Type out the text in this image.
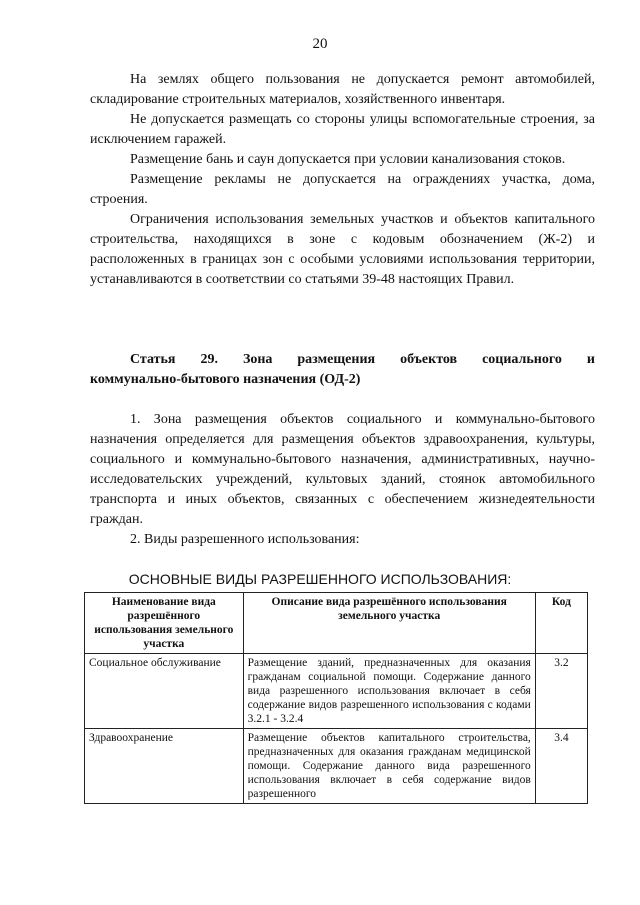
20

На землях общего пользования не допускается ремонт автомобилей, складирование строительных материалов, хозяйственного инвентаря.

Не допускается размещать со стороны улицы вспомогательные строения, за исключением гаражей.

Размещение бань и саун допускается при условии канализования стоков.

Размещение рекламы не допускается на ограждениях участка, дома, строения.

Ограничения использования земельных участков и объектов капитального строительства, находящихся в зоне с кодовым обозначением (Ж-2) и расположенных в границах зон с особыми условиями использования территории, устанавливаются в соответствии со статьями 39-48 настоящих Правил.

Статья 29. Зона размещения объектов социального и
коммунально-бытового назначения (ОД-2)

1. Зона размещения объектов социального и коммунально-бытового назначения определяется для размещения объектов здравоохранения, культуры, социального и коммунально-бытового назначения, административных, научно-исследовательских учреждений, культовых зданий, стоянок автомобильного транспорта и иных объектов, связанных с обеспечением жизнедеятельности граждан.

2. Виды разрешенного использования:

ОСНОВНЫЕ ВИДЫ РАЗРЕШЕННОГО ИСПОЛЬЗОВАНИЯ:
Наименование вида разрешённого использования земельного участка	Описание вида разрешённого использования земельного участка	Код
Социальное обслуживание	Размещение зданий, предназначенных для оказания гражданам социальной помощи. Содержание данного вида разрешенного использования включает в себя содержание видов разрешенного использования с кодами 3.2.1 - 3.2.4	3.2
Здравоохранение	Размещение объектов капитального строительства, предназначенных для оказания гражданам медицинской помощи. Содержание данного вида разрешенного использования включает в себя содержание видов разрешенного	3.4
